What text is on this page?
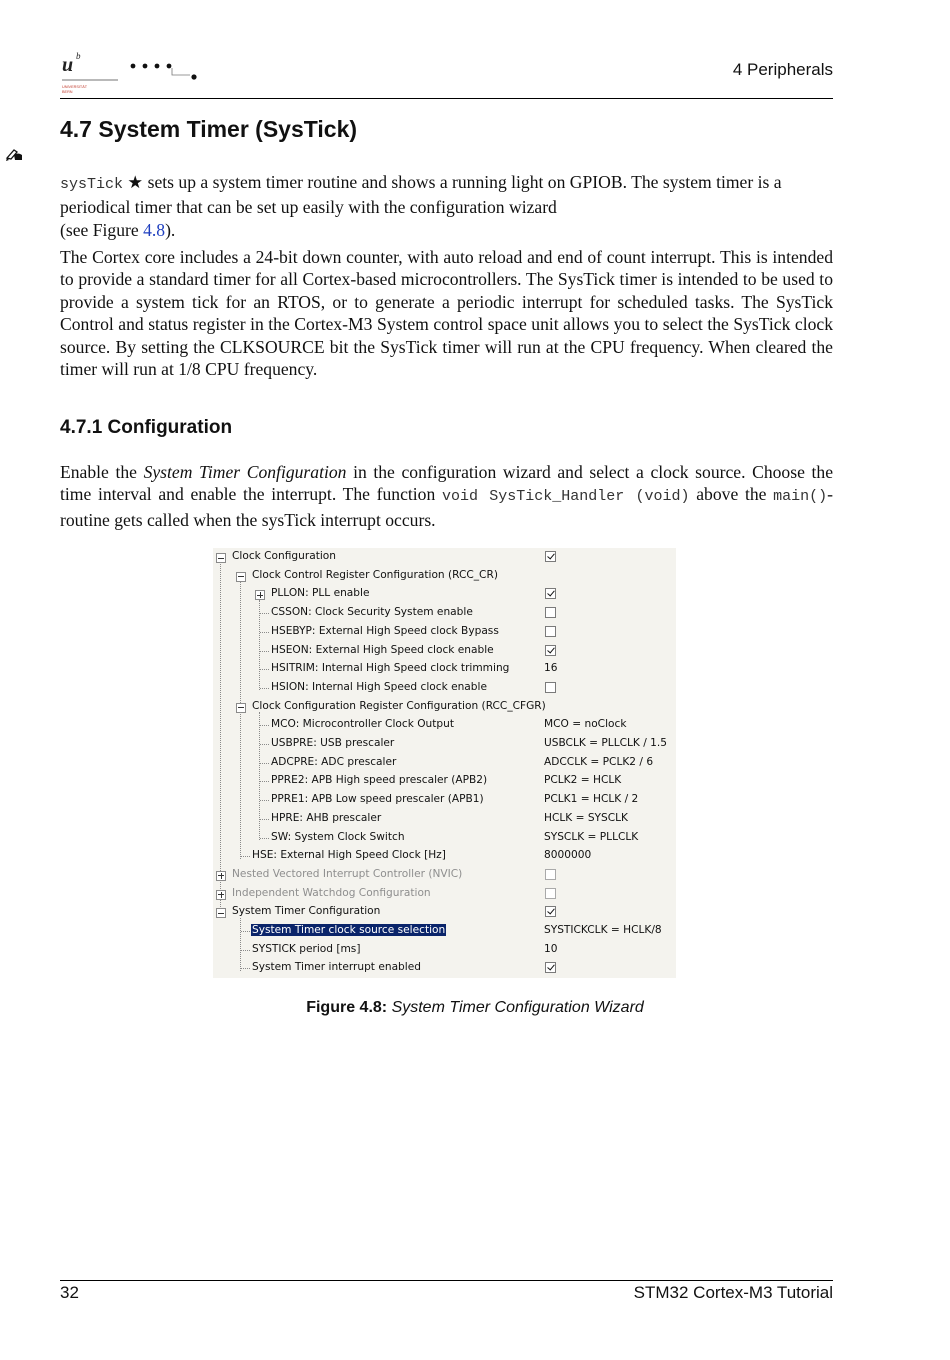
u b
UNIVERSITÄT
BERN
4 Peripherals
4.7 System Timer (SysTick)

sysTick ★ sets up a system timer routine and shows a running light on GPIOB. The system timer is a periodical timer that can be set up easily with the configuration wizard
(see Figure 4.8).

The Cortex core includes a 24-bit down counter, with auto reload and end of count interrupt. This is intended to provide a standard timer for all Cortex-based microcontrollers. The SysTick timer is intended to be used to provide a system tick for an RTOS, or to generate a periodic interrupt for scheduled tasks. The SysTick Control and status register in the Cortex-M3 System control space unit allows you to select the SysTick clock source. By setting the CLKSOURCE bit the SysTick timer will run at the CPU frequency. When cleared the timer will run at 1/8 CPU frequency.

4.7.1 Configuration

Enable the System Timer Configuration in the configuration wizard and select a clock source. Choose the time interval and enable the interrupt. The function void SysTick_Handler (void) above the main()-routine gets called when the sysTick interrupt occurs.

Clock Configuration
Clock Control Register Configuration (RCC_CR)
PLLON: PLL enable
CSSON: Clock Security System enable
HSEBYP: External High Speed clock Bypass
HSEON: External High Speed clock enable
HSITRIM: Internal High Speed clock trimming	16
HSION: Internal High Speed clock enable
Clock Configuration Register Configuration (RCC_CFGR)
MCO: Microcontroller Clock Output	MCO = noClock
USBPRE: USB prescaler	USBCLK = PLLCLK / 1.5
ADCPRE: ADC prescaler	ADCCLK = PCLK2 / 6
PPRE2: APB High speed prescaler (APB2)	PCLK2 = HCLK
PPRE1: APB Low speed prescaler (APB1)	PCLK1 = HCLK / 2
HPRE: AHB prescaler	HCLK = SYSCLK
SW: System Clock Switch	SYSCLK = PLLCLK
HSE: External High Speed Clock [Hz]	8000000
Nested Vectored Interrupt Controller (NVIC)
Independent Watchdog Configuration
System Timer Configuration
System Timer clock source selection	SYSTICKCLK = HCLK/8
SYSTICK period [ms]	10
System Timer interrupt enabled
Figure 4.8: System Timer Configuration Wizard
32	STM32 Cortex-M3 Tutorial
